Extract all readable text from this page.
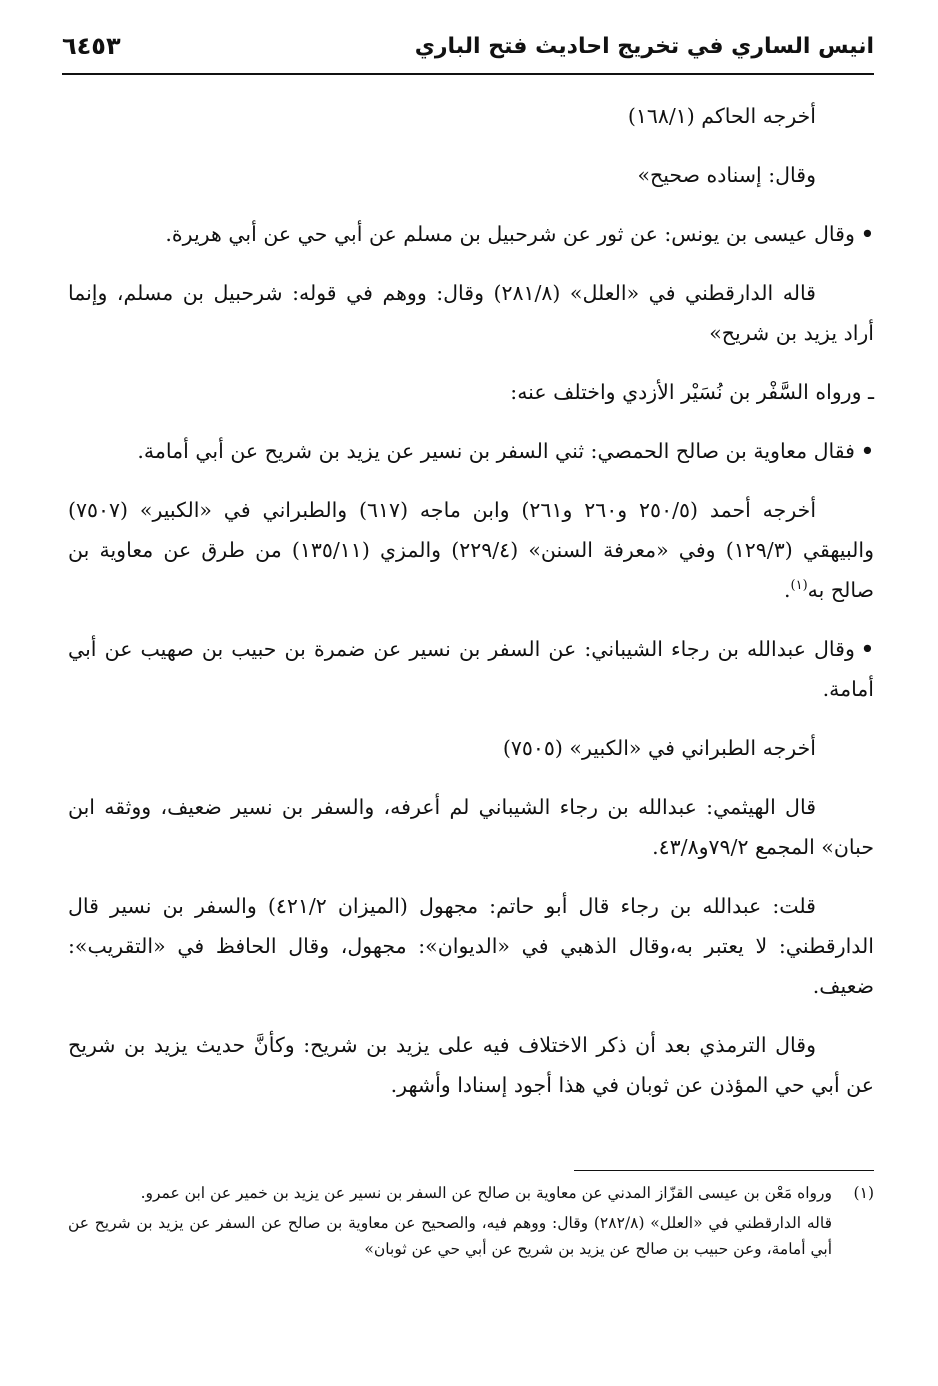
انيس الساري في تخريج احاديث فتح الباري
٦٤٥٣

أخرجه الحاكم (١٦٨/١)

وقال: إسناده صحيح»

•وقال عيسى بن يونس: عن ثور عن شرحبيل بن مسلم عن أبي حي عن أبي هريرة.

قاله الدارقطني في «العلل» (٢٨١/٨) وقال: ووهم في قوله: شرحبيل بن مسلم، وإنما أراد يزيد بن شريح»

ـ ورواه السَّفْر بن نُسَيْر الأزدي واختلف عنه:

•فقال معاوية بن صالح الحمصي: ثني السفر بن نسير عن يزيد بن شريح عن أبي أمامة.

أخرجه أحمد (٢٥٠/٥ و٢٦٠ و٢٦١) وابن ماجه (٦١٧) والطبراني في «الكبير» (٧٥٠٧) والبيهقي (١٢٩/٣) وفي «معرفة السنن» (٢٢٩/٤) والمزي (١٣٥/١١) من طرق عن معاوية بن صالح به$^{(١)}$.

•وقال عبدالله بن رجاء الشيباني: عن السفر بن نسير عن ضمرة بن حبيب بن صهيب عن أبي أمامة.

أخرجه الطبراني في «الكبير» (٧٥٠٥)

قال الهيثمي: عبدالله بن رجاء الشيباني لم أعرفه، والسفر بن نسير ضعيف، ووثقه ابن حبان» المجمع ٧٩/٢و٤٣/٨.

قلت: عبدالله بن رجاء قال أبو حاتم: مجهول (الميزان ٤٢١/٢) والسفر بن نسير قال الدارقطني: لا يعتبر به،وقال الذهبي في «الديوان»: مجهول، وقال الحافظ في «التقريب»: ضعيف.

وقال الترمذي بعد أن ذكر الاختلاف فيه على يزيد بن شريح: وكأنَّ حديث يزيد بن شريح عن أبي حي المؤذن عن ثوبان في هذا أجود إسنادا وأشهر.

(١)
ورواه مَعْن بن عيسى القزّاز المدني عن معاوية بن صالح عن السفر بن نسير عن يزيد بن خمير عن ابن عمرو.
قاله الدارقطني في «العلل» (٢٨٢/٨) وقال: ووهم فيه، والصحيح عن معاوية بن صالح عن السفر عن يزيد بن شريح عن أبي أمامة، وعن حبيب بن صالح عن يزيد بن شريح عن أبي حي عن ثوبان»
